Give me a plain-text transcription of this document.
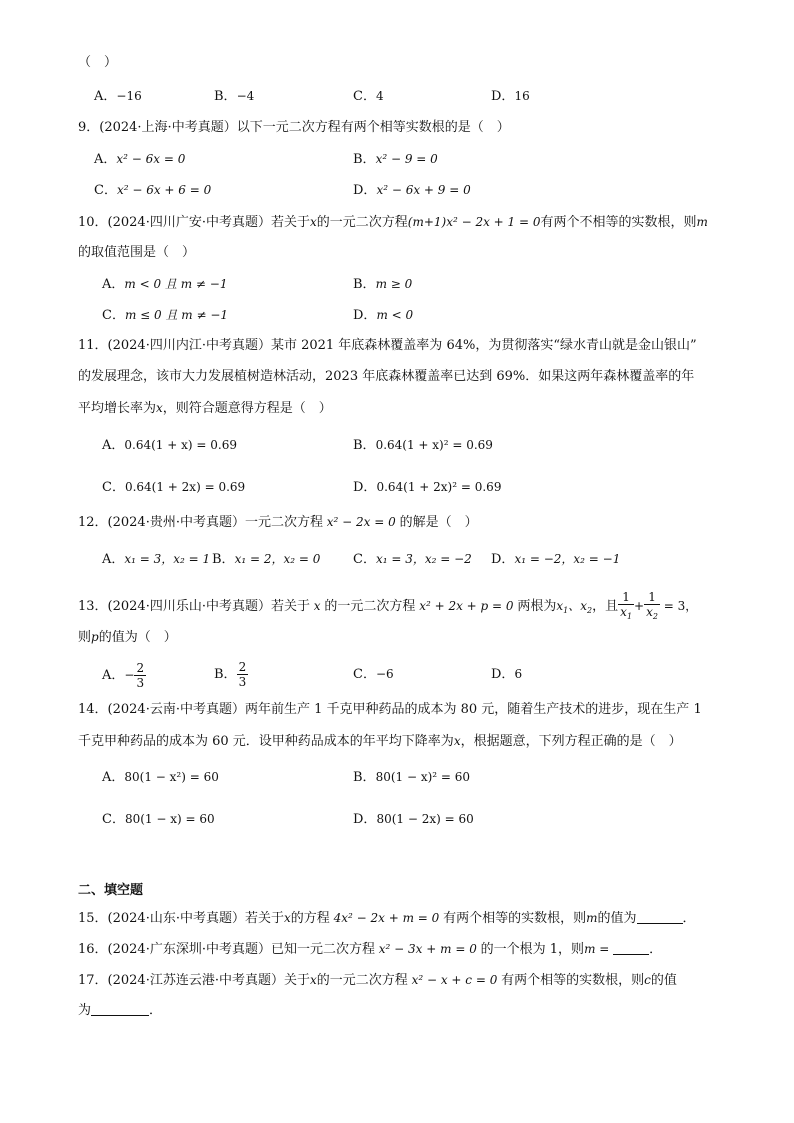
（　）
A．−16	B．−4	C．4	D．16
9．(2024·上海·中考真题）以下一元二次方程有两个相等实数根的是（　）
A．x² − 6x = 0	B．x² − 9 = 0
C．x² − 6x + 6 = 0	D．x² − 6x + 9 = 0
10．(2024·四川广安·中考真题）若关于x的一元二次方程(m+1)x² − 2x + 1 = 0有两个不相等的实数根，则m
的取值范围是（　）
A．m < 0 且 m ≠ −1	B．m ≥ 0
C．m ≤ 0 且 m ≠ −1	D．m < 0
11．(2024·四川内江·中考真题）某市 2021 年底森林覆盖率为 64%，为贯彻落实“绿水青山就是金山银山”
的发展理念，该市大力发展植树造林活动，2023 年底森林覆盖率已达到 69%．如果这两年森林覆盖率的年
平均增长率为x，则符合题意得方程是（　）
A．0.64(1 + x) = 0.69	B．0.64(1 + x)² = 0.69
C．0.64(1 + 2x) = 0.69	D．0.64(1 + 2x)² = 0.69
12．(2024·贵州·中考真题）一元二次方程 x² − 2x = 0 的解是（　）
A．x₁ = 3，x₂ = 1 B．x₁ = 2，x₂ = 0	C．x₁ = 3，x₂ = −2 D．x₁ = −2，x₂ = −1
13．(2024·四川乐山·中考真题）若关于 x 的一元二次方程 x² + 2x + p = 0 两根为$x_1$、$x_2$，且 $\frac{1}{x_1} + \frac{1}{x_2} = 3$，
则p的值为（　）
A．− $\frac{2}{3}$	B． $\frac{2}{3}$	C．−6	D．6
14．(2024·云南·中考真题）两年前生产 1 千克甲种药品的成本为 80 元，随着生产技术的进步，现在生产 1
千克甲种药品的成本为 60 元．设甲种药品成本的年平均下降率为x，根据题意，下列方程正确的是（　）
A．80(1 − x²) = 60	B．80(1 − x)² = 60
C．80(1 − x) = 60	D．80(1 − 2x) = 60
二、填空题
15．(2024·山东·中考真题）若关于x的方程 4x² − 2x + m = 0 有两个相等的实数根，则m的值为	．
16．(2024·广东深圳·中考真题）已知一元二次方程 x² − 3x + m = 0 的一个根为 1，则m =	．
17．(2024·江苏连云港·中考真题）关于x的一元二次方程 x² − x + c = 0 有两个相等的实数根，则c的值
为	．
